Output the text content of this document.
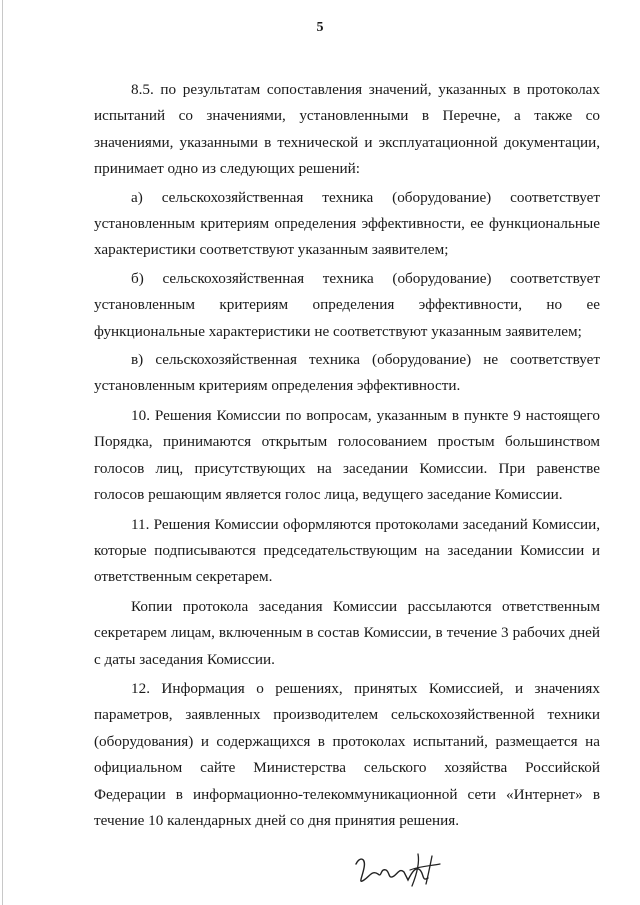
5

8.5. по результатам сопоставления значений, указанных в протоколах испытаний со значениями, установленными в Перечне, а также со значениями, указанными в технической и эксплуатационной документации, принимает одно из следующих решений:

а) сельскохозяйственная техника (оборудование) соответствует установленным критериям определения эффективности, ее функциональные характеристики соответствуют указанным заявителем;

б) сельскохозяйственная техника (оборудование) соответствует установленным критериям определения эффективности, но ее функциональные характеристики не соответствуют указанным заявителем;

в) сельскохозяйственная техника (оборудование) не соответствует установленным критериям определения эффективности.

10. Решения Комиссии по вопросам, указанным в пункте 9 настоящего Порядка, принимаются открытым голосованием простым большинством голосов лиц, присутствующих на заседании Комиссии. При равенстве голосов решающим является голос лица, ведущего заседание Комиссии.

11. Решения Комиссии оформляются протоколами заседаний Комиссии, которые подписываются председательствующим на заседании Комиссии и ответственным секретарем.

Копии протокола заседания Комиссии рассылаются ответственным секретарем лицам, включенным в состав Комиссии, в течение 3 рабочих дней с даты заседания Комиссии.

12. Информация о решениях, принятых Комиссией, и значениях параметров, заявленных производителем сельскохозяйственной техники (оборудования) и содержащихся в протоколах испытаний, размещается на официальном сайте Министерства сельского хозяйства Российской Федерации в информационно-телекоммуникационной сети «Интернет» в течение 10 календарных дней со дня принятия решения.
